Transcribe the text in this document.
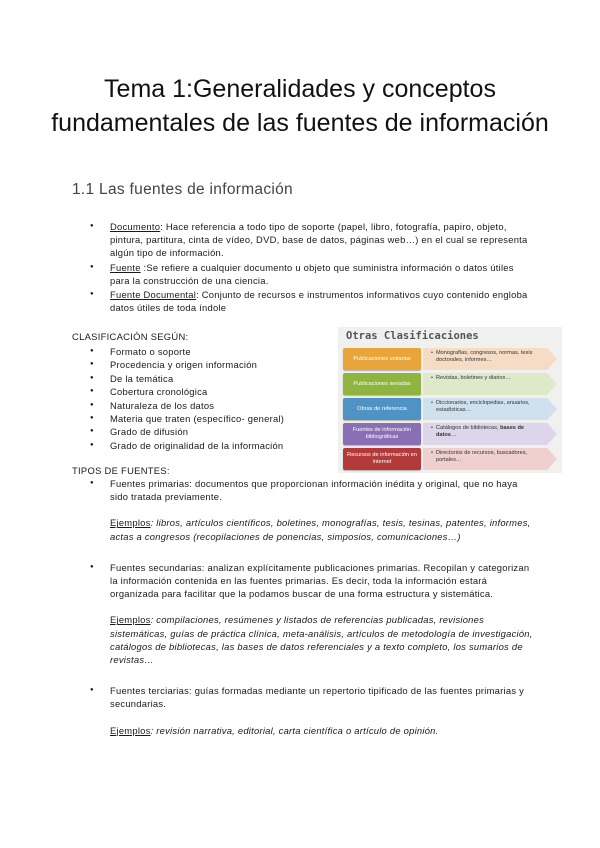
Tema 1:Generalidades y conceptos fundamentales de las fuentes de información
1.1 Las fuentes de información
● Documento: Hace referencia a todo tipo de soporte (papel, libro, fotografía, papiro, objeto, pintura, partitura, cinta de vídeo, DVD, base de datos, páginas web…) en el cual se representa algún tipo de información.
● Fuente :Se refiere a cualquier documento u objeto que suministra información o datos útiles para la construcción de una ciencia.
● Fuente Documental: Conjunto de recursos e instrumentos informativos cuyo contenido engloba datos útiles de toda índole

CLASIFICACIÓN SEGÚN:

● Formato o soporte
● Procedencia y origen información
● De la temática
● Cobertura cronológica
● Naturaleza de los datos
● Materia que traten (específico- general)
● Grado de difusión
● Grado de originalidad de la información
Otras Clasificaciones
Publicaciones unitarias
• Monografías, congresos, normas, tesis doctorales, informes…
Publicaciones seriadas
• Revistas, boletines y diarios…
Obras de referencia
• Diccionarios, enciclopedias, anuarios, estadísticas…
Fuentes de información bibliográficas
• Catálogos de bibliotecas, bases de datos…
Recursos de información en internet
• Directorios de recursos, buscadores, portales…

TIPOS DE FUENTES:

● Fuentes primarias: documentos que proporcionan información inédita y original, que no haya sido tratada previamente.
Ejemplos: libros, artículos científicos, boletines, monografías, tesis, tesinas, patentes, informes, actas a congresos (recopilaciones de ponencias, simposios, comunicaciones…)
● Fuentes secundarias: analizan explícitamente publicaciones primarias. Recopilan y categorizan la información contenida en las fuentes primarias. Es decir, toda la información estará organizada para facilitar que la podamos buscar de una forma estructura y sistemática.
Ejemplos: compilaciones, resúmenes y listados de referencias publicadas, revisiones sistemáticas, guías de práctica clínica, meta-análisis, artículos de metodología de investigación, catálogos de bibliotecas, las bases de datos referenciales y a texto completo, los sumarios de revistas…
● Fuentes terciarias: guías formadas mediante un repertorio tipificado de las fuentes primarias y secundarias.
Ejemplos: revisión narrativa, editorial, carta científica o artículo de opinión.
